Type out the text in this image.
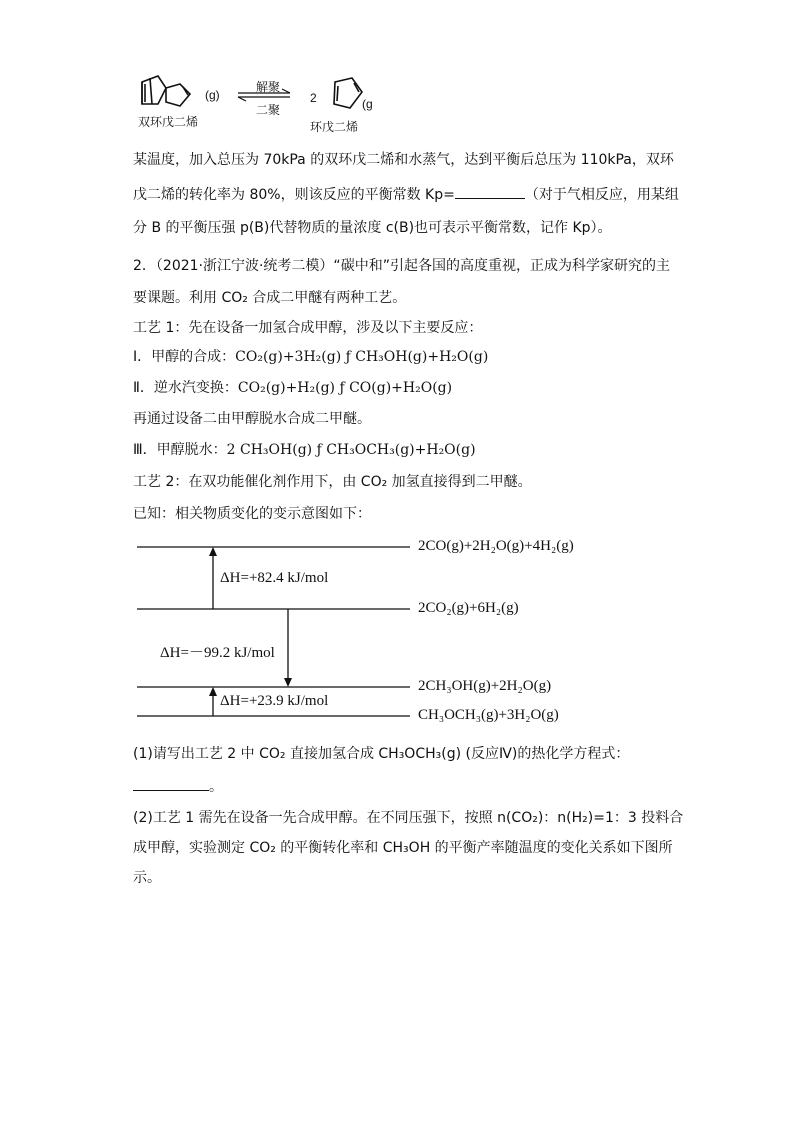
(g)
解聚
二聚
2	(g
双环戊二烯	环戊二烯
某温度，加入总压为 70kPa 的双环戊二烯和水蒸气，达到平衡后总压为 110kPa，双环
戊二烯的转化率为 80%，则该反应的平衡常数 Kp=	（对于气相反应，用某组
分 B 的平衡压强 p(B)代替物质的量浓度 c(B)也可表示平衡常数，记作 Kp）。
2．（2021·浙江宁波·统考二模）“碳中和”引起各国的高度重视，正成为科学家研究的主
要课题。利用 CO₂ 合成二甲醚有两种工艺。
工艺 1：先在设备一加氢合成甲醇，涉及以下主要反应：
Ⅰ．甲醇的合成：CO₂(g)+3H₂(g) ƒ CH₃OH(g)+H₂O(g)
Ⅱ．逆水汽变换：CO₂(g)+H₂(g) ƒ CO(g)+H₂O(g)
再通过设备二由甲醇脱水合成二甲醚。
Ⅲ．甲醇脱水：2 CH₃OH(g) ƒ CH₃OCH₃(g)+H₂O(g)
工艺 2：在双功能催化剂作用下，由 CO₂ 加氢直接得到二甲醚。
已知：相关物质变化的变示意图如下：
2CO(g)+2H₂O(g)+4H₂(g)
2CO₂(g)+6H₂(g)
2CH₃OH(g)+2H₂O(g)
CH₃OCH₃(g)+3H₂O(g)
ΔH=+82.4 kJ/mol
ΔH=－99.2 kJ/mol
ΔH=+23.9 kJ/mol
(1)请写出工艺 2 中 CO₂ 直接加氢合成 CH₃OCH₃(g) (反应Ⅳ)的热化学方程式：
。
(2)工艺 1 需先在设备一先合成甲醇。在不同压强下，按照 n(CO₂)：n(H₂)=1：3 投料合
成甲醇，实验测定 CO₂ 的平衡转化率和 CH₃OH 的平衡产率随温度的变化关系如下图所
示。
